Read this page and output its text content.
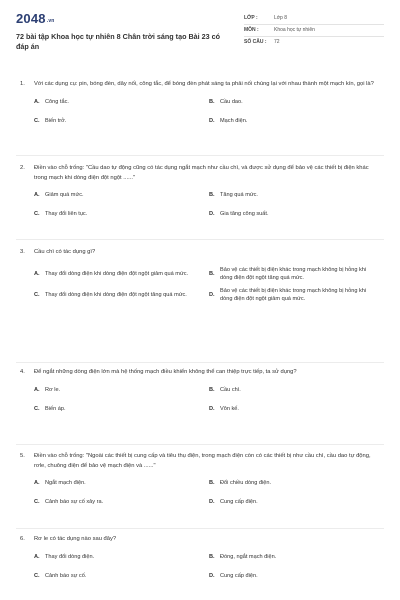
2048.vn
72 bài tập Khoa học tự nhiên 8 Chân trời sáng tạo Bài 23 có đáp án
LỚP :	Lớp 8
MÔN :	Khoa học tự nhiên
SỐ CÂU :	72
1.	Với các dụng cụ: pin, bóng đèn, dây nối, công tắc, để bóng đèn phát sáng ta phải nối chúng lại với nhau thành một mạch kín, gọi là?
A. Công tắc.	B. Cầu dao.
C. Biến trở.	D. Mạch điện.
2.	Điền vào chỗ trống: "Cầu dao tự động cũng có tác dụng ngắt mạch như cầu chì, và được sử dụng để bảo vệ các thiết bị điện khác trong mạch khi dòng điện đột ngột ......"
A. Giảm quá mức.	B. Tăng quá mức.
C. Thay đổi liên tục.	D. Gia tăng công suất.
3.	Cầu chì có tác dụng gì?
A. Thay đổi dòng điện khi dòng điện đột ngột giảm quá mức.	B.
Bảo vệ các thiết bị điện khác trong mạch không bị hỏng khi dòng điện đột ngột tăng quá mức.
C. Thay đổi dòng điện khi dòng điện đột ngột tăng quá mức.	D.
Bảo vệ các thiết bị điện khác trong mạch không bị hỏng khi dòng điện đột ngột giảm quá mức.
4.	Để ngắt những dòng điện lớn mà hệ thống mạch điều khiển không thể can thiệp trực tiếp, ta sử dụng?
A. Rơ le.	B. Cầu chì.
C. Biến áp.	D. Vôn kế.
5.	Điền vào chỗ trống: "Ngoài các thiết bị cung cấp và tiêu thụ điện, trong mạch điện còn có các thiết bị như cầu chì, cầu dao tự động, rơle, chuông điện để bảo vệ mạch điện và ......"
A. Ngắt mạch điện.	B. Đổi chiều dòng điện.
C. Cảnh báo sự cố xảy ra.	D. Cung cấp điện.
6.	Rơ le có tác dụng nào sau đây?
A. Thay đổi dòng điện.	B. Đóng, ngắt mạch điện.
C. Cảnh báo sự cố.	D. Cung cấp điện.
